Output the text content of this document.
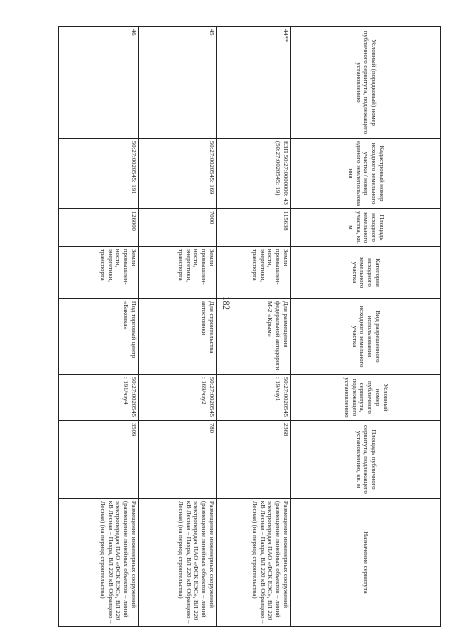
182
Условный (порядковый) номер публичного сервитута, подлежащего установлению	Кадастровый номер исходного земельного участка / номер единого землепользова ния	Площадь исходного земельного участка, кв. м	Категория исходного земельного участка	Вид разрешенного использования исходного земельного участка	Условный номер публичного сервитута, подлежащего установлению	Площадь публичного сервитута, подлежащего установлению, кв. м	Назначение сервитута
44**	ЕЗП 50:27:0000000: 43 (50:27:0020545: 19)	115638	Земли промышлен-ности, энергетики, транспорта	Для размещения федеральной автодороги М-2 «Крым»	50:27:0020545: 19/чзу1	2368	Размещение инженерных сооружений (размещение линейных объектов – линий электропередач ПАО «ФСК ЕЭС», ВЛ 220 кВ Лесная – Пахра, ВЛ 220 кВ Образцово – Лесная) (на период строительства)
45	50:27:0020545: 169	7000	Земли промышлен-ности, энергетики, транспорта	Для строительства автостоянки	50:27:0020545: 169/чзу2	780	Размещение инженерных сооружений (размещение линейных объектов – линий электропередач ПАО «ФСК ЕЭС», ВЛ 220 кВ Лесная – Пахра, ВЛ 220 кВ Образцово – Лесная) (на период строительства)
46	50:27:0020545: 191	126000	Земли промышлен-ности, энергетики, транспорта	Под торговый центр «Баковка»	50:27:0020545: 191/чзу4	3509	Размещение инженерных сооружений (размещение линейных объектов – линий электропередач ПАО «ФСК ЕЭС», ВЛ 220 кВ Лесная – Пахра, ВЛ 220 кВ Образцово – Лесная) (на период строительства)
